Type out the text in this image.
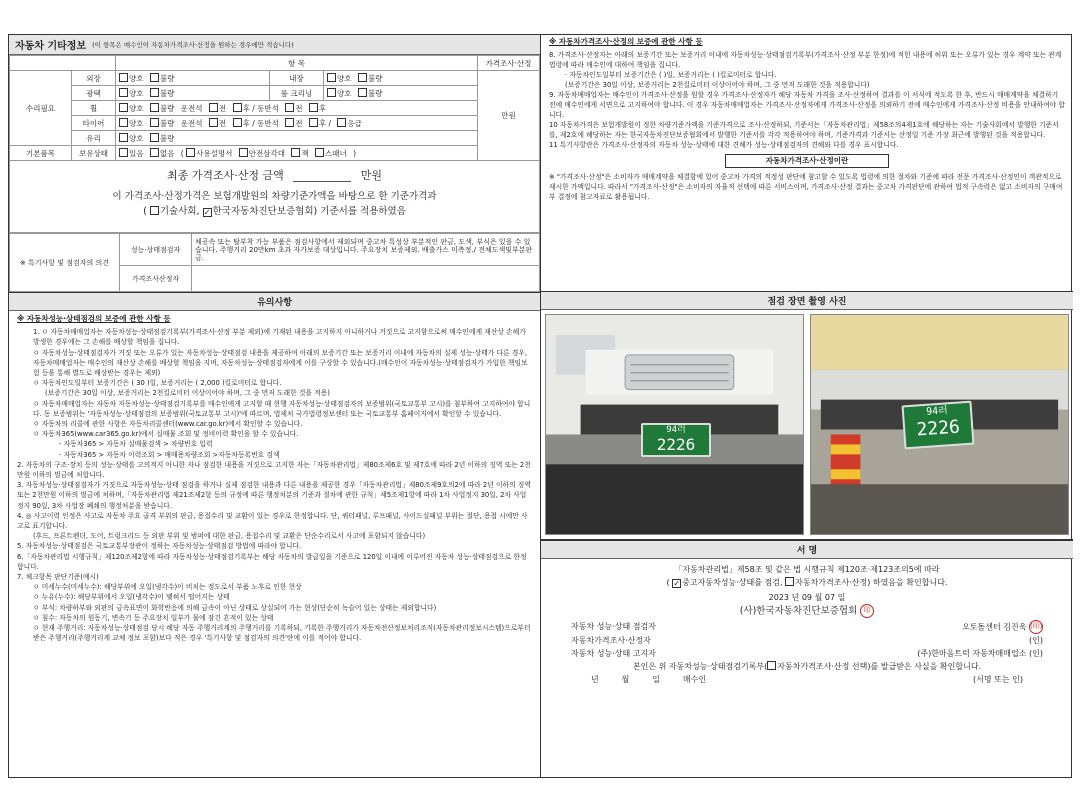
자동차 기타정보 (이 항목은 매수인이 자동차가격조사·산정을 원하는 경우에만 적습니다)
		항 목			가격조사·산정
수리필요	외장	양호 불량	내장	양호 불량	만원
	광택	양호 불량	룸 크리닝	양호 불량	
	휠	양호 불량 운전석 전 후 / 동반석 전 후			
	타이어	양호 불량 운전석 전 후 / 동반석 전 후 / 응급			
	유리	양호 불량			
기본품목	보유상태	있음 없음 ( 사용설명서 안전삼각대 잭 스패너 )			
최종 가격조사·산정 금액	만원
이 가격조사·산정가격은 보험개발원의 차량기준가액을 바탕으로 한 기준가격과
( 기술사회, ✓ 한국자동차진단보증협회) 기준서를 적용하였음
※ 특기사항 및 점검자의 의견	성능·상태점검자	체공속 또는 탈부착 가능 부품은 점검사항에서 제외되며 중고차 특성상 부분적인 판금, 도색, 부식은 있을 수 있습니다. 주행거리 20만km 초과 자가보증 대상입니다. 주요장치 보증제외. 배출가스 미측정./ 전체도색및부분판금.
	가격조사산정자	
유의사항
※ 자동차성능·상태점검의 보증에 관한 사항 등

1. ㅇ 자동차매매업자는 자동차성능·상태점검기록부(가격조사·산정 부분 제외)에 기재된 내용을 고지하지 아니하거나 거짓으로 고지함으로써 매수인에게 재산상 손해가 발생한 경우에는 그 손해를 배상할 책임을 집니다.

ㅇ 자동차성능·상태점검자가 거짓 또는 오류가 있는 자동차성능·상태점검 내용을 제공하여 아래의 보증기간 또는 보증거리 이내에 자동차의 실제 성능·상태가 다른 경우, 자동차매매업자는 매수인의 재산상 손해를 배상할 책임을 지며, 자동차성능·상태점검자에게 이를 구상할 수 있습니다.(매수인이 자동차성능·상태점검자가 가입한 책임보험 등을 통해 별도로 배상받는 경우는 제외)

ㅇ 자동차인도일부터 보증기간은 ( 30 )일, 보증거리는 ( 2,000 )킬로미터로 합니다.

(보증기간은 30일 이상, 보증거리는 2천킬로미터 이상이어야 하며, 그 중 먼저 도래한 것을 적용)

ㅇ 자동차매매업자는 자동차 자동차성능·상태점검기록부를 매수인에게 고지할 때 현행 자동차성능·상태점검자의 보증범위(국토교통부 고시)를 첨부하여 고지하여야 합니다. 동 보증범위는 '자동차성능·상태점검의 보증범위(국토교통부 고시)'에 따르며, 법제처 국가법령정보센터 또는 국토교통부 홈페이지에서 확인할 수 있습니다.

ㅇ 자동차의 리콜에 관한 사항은 자동차리콜센터(www.car.go.kr)에서 확인할 수 있습니다.

ㅇ 자동차365(www.car365.go.kr)에서 실매물 조회 및 정비이력 확인을 할 수 있습니다.

- 자동차365 > 자동차 실매물검색 > 차량번호 입력

- 자동차365 > 자동차 이력조회 > 매매용차량조회 >자동차등록번호 검색

2. 자동차의 구조·장치 등의 성능·상태를 고의적지 아니한 자나 점검한 내용을 거짓으로 고지한 자는「자동차관리법」제80조제6호 및 제7호에 따라 2년 이하의 징역 또는 2천만원 이하의 벌금에 처합니다.

3. 자동차성능·상태점검자가 거짓으로 자동차성능·상태 점검을 하거나 실제 점검한 내용과 다른 내용을 제공한 경우「자동차관리법」제80조제9호의2에 따라 2년 이하의 징역 또는 2천만원 이하의 벌금에 처하며,「자동차관리법 제21조제2항 등의 규정에 따른 행정처분의 기준과 절차에 관한 규칙」제5조제1항에 따라 1차 사업정지 30일, 2차 사업정지 90일, 3차 사업장 폐쇄의 행정처분을 받습니다.

4. ◎ 사고이력 인정은 사고로 자동차 주요 골격 부위의 판금, 용접수리 및 교환이 있는 경우로 한정합니다. 단, 쿼터패널, 루프패널, 사이드실패널 부위는 절단, 용접 시에만 사고로 표기합니다.

(후드, 프론트펜더, 도어, 트렁크리드 등 외판 부위 및 범퍼에 대한 판금, 용접수리 및 교환은 단순수리로서 사고에 포함되지 않습니다)

5. 자동차성능·상태점검은 국토교통부장관이 정하는 자동차성능·상태점검 방법에 따라야 합니다.

6.「자동차관리법 시행규칙」제120조제2항에 따라 자동차성능·상태점검기록부는 해당 자동차의 발급일을 기준으로 120일 이내에 이루어진 자동차 성능·상태점검으로 한정합니다.

7. 체크항목 판단기준(예시)

ㅇ 미세누수(미세누수): 해당부위에 오일(냉각수)이 비치는 정도로서 부품 노후로 인한 현상

ㅇ 누유(누수): 해당부위에서 오일(냉각수)이 맺혀서 떨어지는 상태

ㅇ 부식: 차량하부와 외판의 금속표면이 화학반응에 의해 금속이 아닌 상태로 상실되어 가는 현상(단순히 녹슬어 있는 상태는 제외합니다)

ㅇ 침수: 자동차의 원동기, 변속기 등 주요장치 일부가 물에 잠긴 흔적이 있는 상태

ㅇ 현재 주행거리: 자동차성능·상태점검 당시 해당 자동 주행거리계의 주행거리를 기록하되, 기록한 주행거리가 자동차전산정보처리조직(자동차관리정보시스템)으로부터 받은 주행거리(주행거리계 교체 정보 포함)보다 적은 경우 '특기사항 및 점검자의 의견'란에 이를 적어야 합니다.

※ 자동차가격조사·산정의 보증에 관한 사항 등

8. 가격조사·산정자는 아래의 보증기간 또는 보증거리 이내에 자동차성능·상태점검기록부(가격조사·산정 부분 한정)에 적힌 내용에 허위 또는 오류가 있는 경우 계약 또는 관계법령에 따라 매수인에 대하여 책임을 집니다.

· 자동차인도일부터 보증기간은 ( )일, 보증거리는 ( )킬로미터로 합니다.

(보증기간은 30일 이상, 보증거리는 2천킬로미터 이상이어야 하며, 그 중 먼저 도래한 것을 적용합니다)

9. 자동차매매업자는 매수인이 가격조사·산정을 원할 경우 가격조사·산정자가 해당 자동차 가격을 조사·산정하여 결과를 이 서식에 적도록 한 후, 반드시 매매계약을 체결하기 전에 매수인에게 서면으로 고지하여야 합니다. 이 경우 자동차매매업자는 가격조사·산정자에게 가격조사·산정을 의뢰하기 전에 매수인에게 가격조사·산정 비용을 안내하여야 합니다.

10 자동차가격은 보험개발원이 정한 차량기준가액을 기준가격으로 조사·산정하되, 기준서는「자동차관리법」제58조의4제1호에 해당하는 자는 기술사회에서 발행한 기준서를, 제2호에 해당하는 자는 한국자동차진단보증협회에서 발행한 기준서를 각각 적용하여야 하며, 기준가격과 기준서는 산정일 기준 가장 최근에 발행된 것을 적용합니다.

11 특기사항란은 가격조사·산정자의 자동차 성능·상태에 대한 견해가 성능·상태점검자의 견해와 다를 경우 표시합니다.

자동차가격조사·산정이란

※ "가격조사·산정"은 소비자가 매매계약을 체결함에 있어 중고차 가격의 적정성 판단에 참고할 수 있도록 법령에 의한 절차와 기준에 따라 전문 가격조사·산정인이 객관적으로 제시한 가액입니다. 따라서 "가격조사·산정"은 소비자의 자율적 선택에 따른 서비스이며, 가격조사·산정 결과는 중고차 가격판단에 관하여 법적 구속력은 없고 소비자의 구매여부 결정에 참고자료로 활용됩니다.

점검 장면 촬영 사진
94러
2226
94러
2226
서 명
「자동차관리법」제58조 및 같은 법 시행규칙 제120조·제123조의5에 따라
( ✓ 중고자동차성능·상태를 점검, 자동차가격조사·산정) 하였음을 확인합니다.
2023 년 09 월 07 일
(사)한국자동차진단보증협회 印
자동차 성능·상태 점검자	오토돔센터 김진욱 (印)
자동차가격조사·산정자	(인)
자동차 성능·상태 고지자	(주)한마음트럭 자동차매매업소 (인)
본인은 위 자동차성능·상태점검기록부( 자동차가격조사·산정 선택)를 발급받은 사실을 확인합니다.
년	월	일	매수인	(서명 또는 인)
